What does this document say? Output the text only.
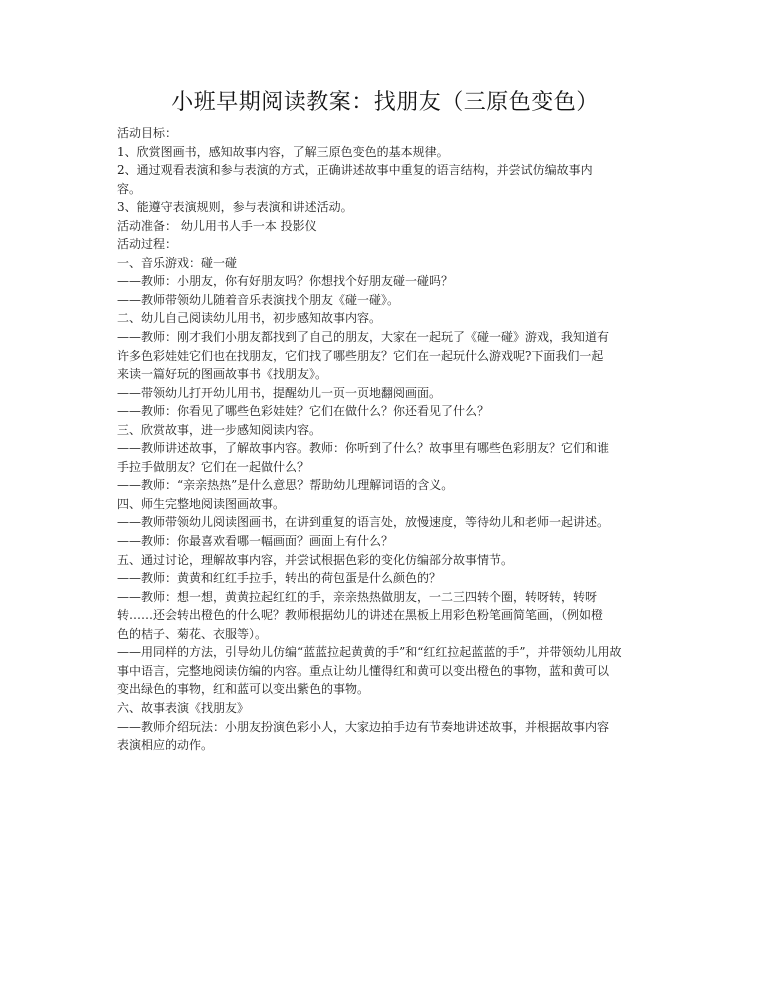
小班早期阅读教案：找朋友（三原色变色）
活动目标：
1、欣赏图画书，感知故事内容，了解三原色变色的基本规律。
2、通过观看表演和参与表演的方式，正确讲述故事中重复的语言结构，并尝试仿编故事内
容。
3、能遵守表演规则，参与表演和讲述活动。
活动准备： 幼儿用书人手一本 投影仪
活动过程：
一、音乐游戏：碰一碰
——教师：小朋友，你有好朋友吗？你想找个好朋友碰一碰吗？
——教师带领幼儿随着音乐表演找个朋友《碰一碰》。
二、幼儿自己阅读幼儿用书，初步感知故事内容。
——教师：刚才我们小朋友都找到了自己的朋友，大家在一起玩了《碰一碰》游戏，我知道有
许多色彩娃娃它们也在找朋友，它们找了哪些朋友？它们在一起玩什么游戏呢?下面我们一起
来读一篇好玩的图画故事书《找朋友》。
——带领幼儿打开幼儿用书，提醒幼儿一页一页地翻阅画面。
——教师：你看见了哪些色彩娃娃？它们在做什么？你还看见了什么？
三、欣赏故事，进一步感知阅读内容。
——教师讲述故事，了解故事内容。教师：你听到了什么？故事里有哪些色彩朋友？它们和谁
手拉手做朋友？它们在一起做什么？
——教师：“亲亲热热”是什么意思？帮助幼儿理解词语的含义。
四、师生完整地阅读图画故事。
——教师带领幼儿阅读图画书，在讲到重复的语言处，放慢速度，等待幼儿和老师一起讲述。
——教师：你最喜欢看哪一幅画面？画面上有什么？
五、通过讨论，理解故事内容，并尝试根据色彩的变化仿编部分故事情节。
——教师：黄黄和红红手拉手，转出的荷包蛋是什么颜色的？
——教师：想一想，黄黄拉起红红的手，亲亲热热做朋友，一二三四转个圈，转呀转，转呀
转……还会转出橙色的什么呢？教师根据幼儿的讲述在黑板上用彩色粉笔画简笔画，（例如橙
色的桔子、菊花、衣服等）。
——用同样的方法，引导幼儿仿编“蓝蓝拉起黄黄的手”和“红红拉起蓝蓝的手”，并带领幼儿用故
事中语言，完整地阅读仿编的内容。重点让幼儿懂得红和黄可以变出橙色的事物，蓝和黄可以
变出绿色的事物，红和蓝可以变出紫色的事物。
六、故事表演《找朋友》
——教师介绍玩法：小朋友扮演色彩小人，大家边拍手边有节奏地讲述故事，并根据故事内容
表演相应的动作。
